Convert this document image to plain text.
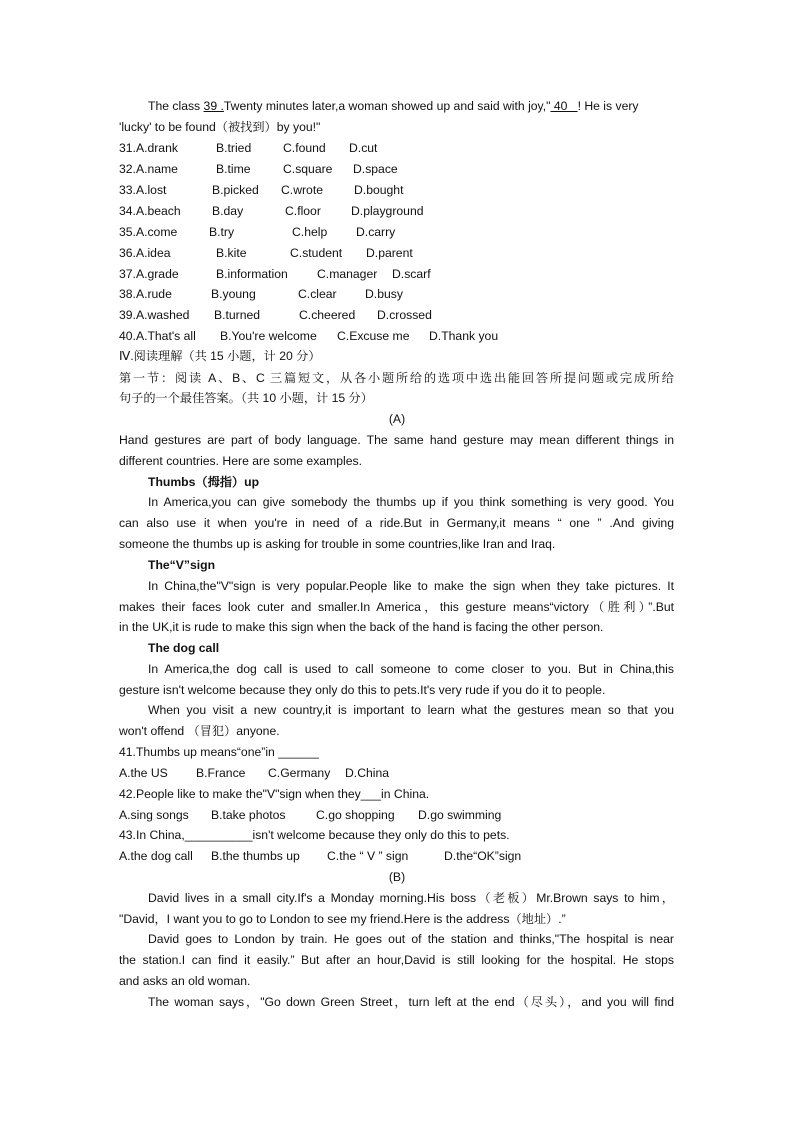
The class 39 .Twenty minutes later,a woman showed up and said with joy," 40   ! He is very
'lucky' to be found（被找到）by you!"
31.A.drank	B.tried	C.found D.cut
32.A.name	B.time	C.square D.space
33.A.lost	B.picked C.wrote	D.bought
34.A.beach	B.day	C.floor D.playground
35.A.come	B.try	C.help D.carry
36.A.idea	B.kite	C.student D.parent
37.A.grade	B.information C.manager D.scarf
38.A.rude	B.young	C.clear D.busy
39.A.washed B.turned	C.cheered D.crossed
40.A.That's all B.You're welcome C.Excuse me D.Thank you
Ⅳ.阅读理解（共 15 小题，计 20 分）
第一节：阅读 A、B、C 三篇短文，从各小题所给的选项中选出能回答所提问题或完成所给
句子的一个最佳答案。（共 10 小题，计 15 分）
(A)
Hand gestures are part of body language. The same hand gesture may mean different things in
different countries. Here are some examples.
Thumbs（拇指）up
In America,you can give somebody the thumbs up if you think something is very good. You
can also use it when you're in need of a ride.But in Germany,it means “ one ” .And giving
someone the thumbs up is asking for trouble in some countries,like Iran and Iraq.
The“V”sign
In China,the"V"sign is very popular.People like to make the sign when they take pictures. It
makes their faces look cuter and smaller.In America，this gesture means“victory（胜利）”.But
in the UK,it is rude to make this sign when the back of the hand is facing the other person.
The dog call
In America,the dog call is used to call someone to come closer to you. But in China,this
gesture isn't welcome because they only do this to pets.It's very rude if you do it to people.
When you visit a new country,it is important to learn what the gestures mean so that you
won't offend （冒犯）anyone.
41.Thumbs up means“one”in ______
A.the US B.France C.Germany D.China
42.People like to make the"V"sign when they___in China.
A.sing songs B.take photos C.go shopping D.go swimming
43.In China,__________isn't welcome because they only do this to pets.
A.the dog call B.the thumbs up C.the “ V ” sign	D.the“OK”sign
(B)
David lives in a small city.If's a Monday morning.His boss（老板）Mr.Brown says to him，
"David，I want you to go to London to see my friend.Here is the address（地址）.”
David goes to London by train. He goes out of the station and thinks,"The hospital is near
the station.I can find it easily.” But after an hour,David is still looking for the hospital. He stops
and asks an old woman.
The woman says，"Go down Green Street，turn left at the end（尽头），and you will find
